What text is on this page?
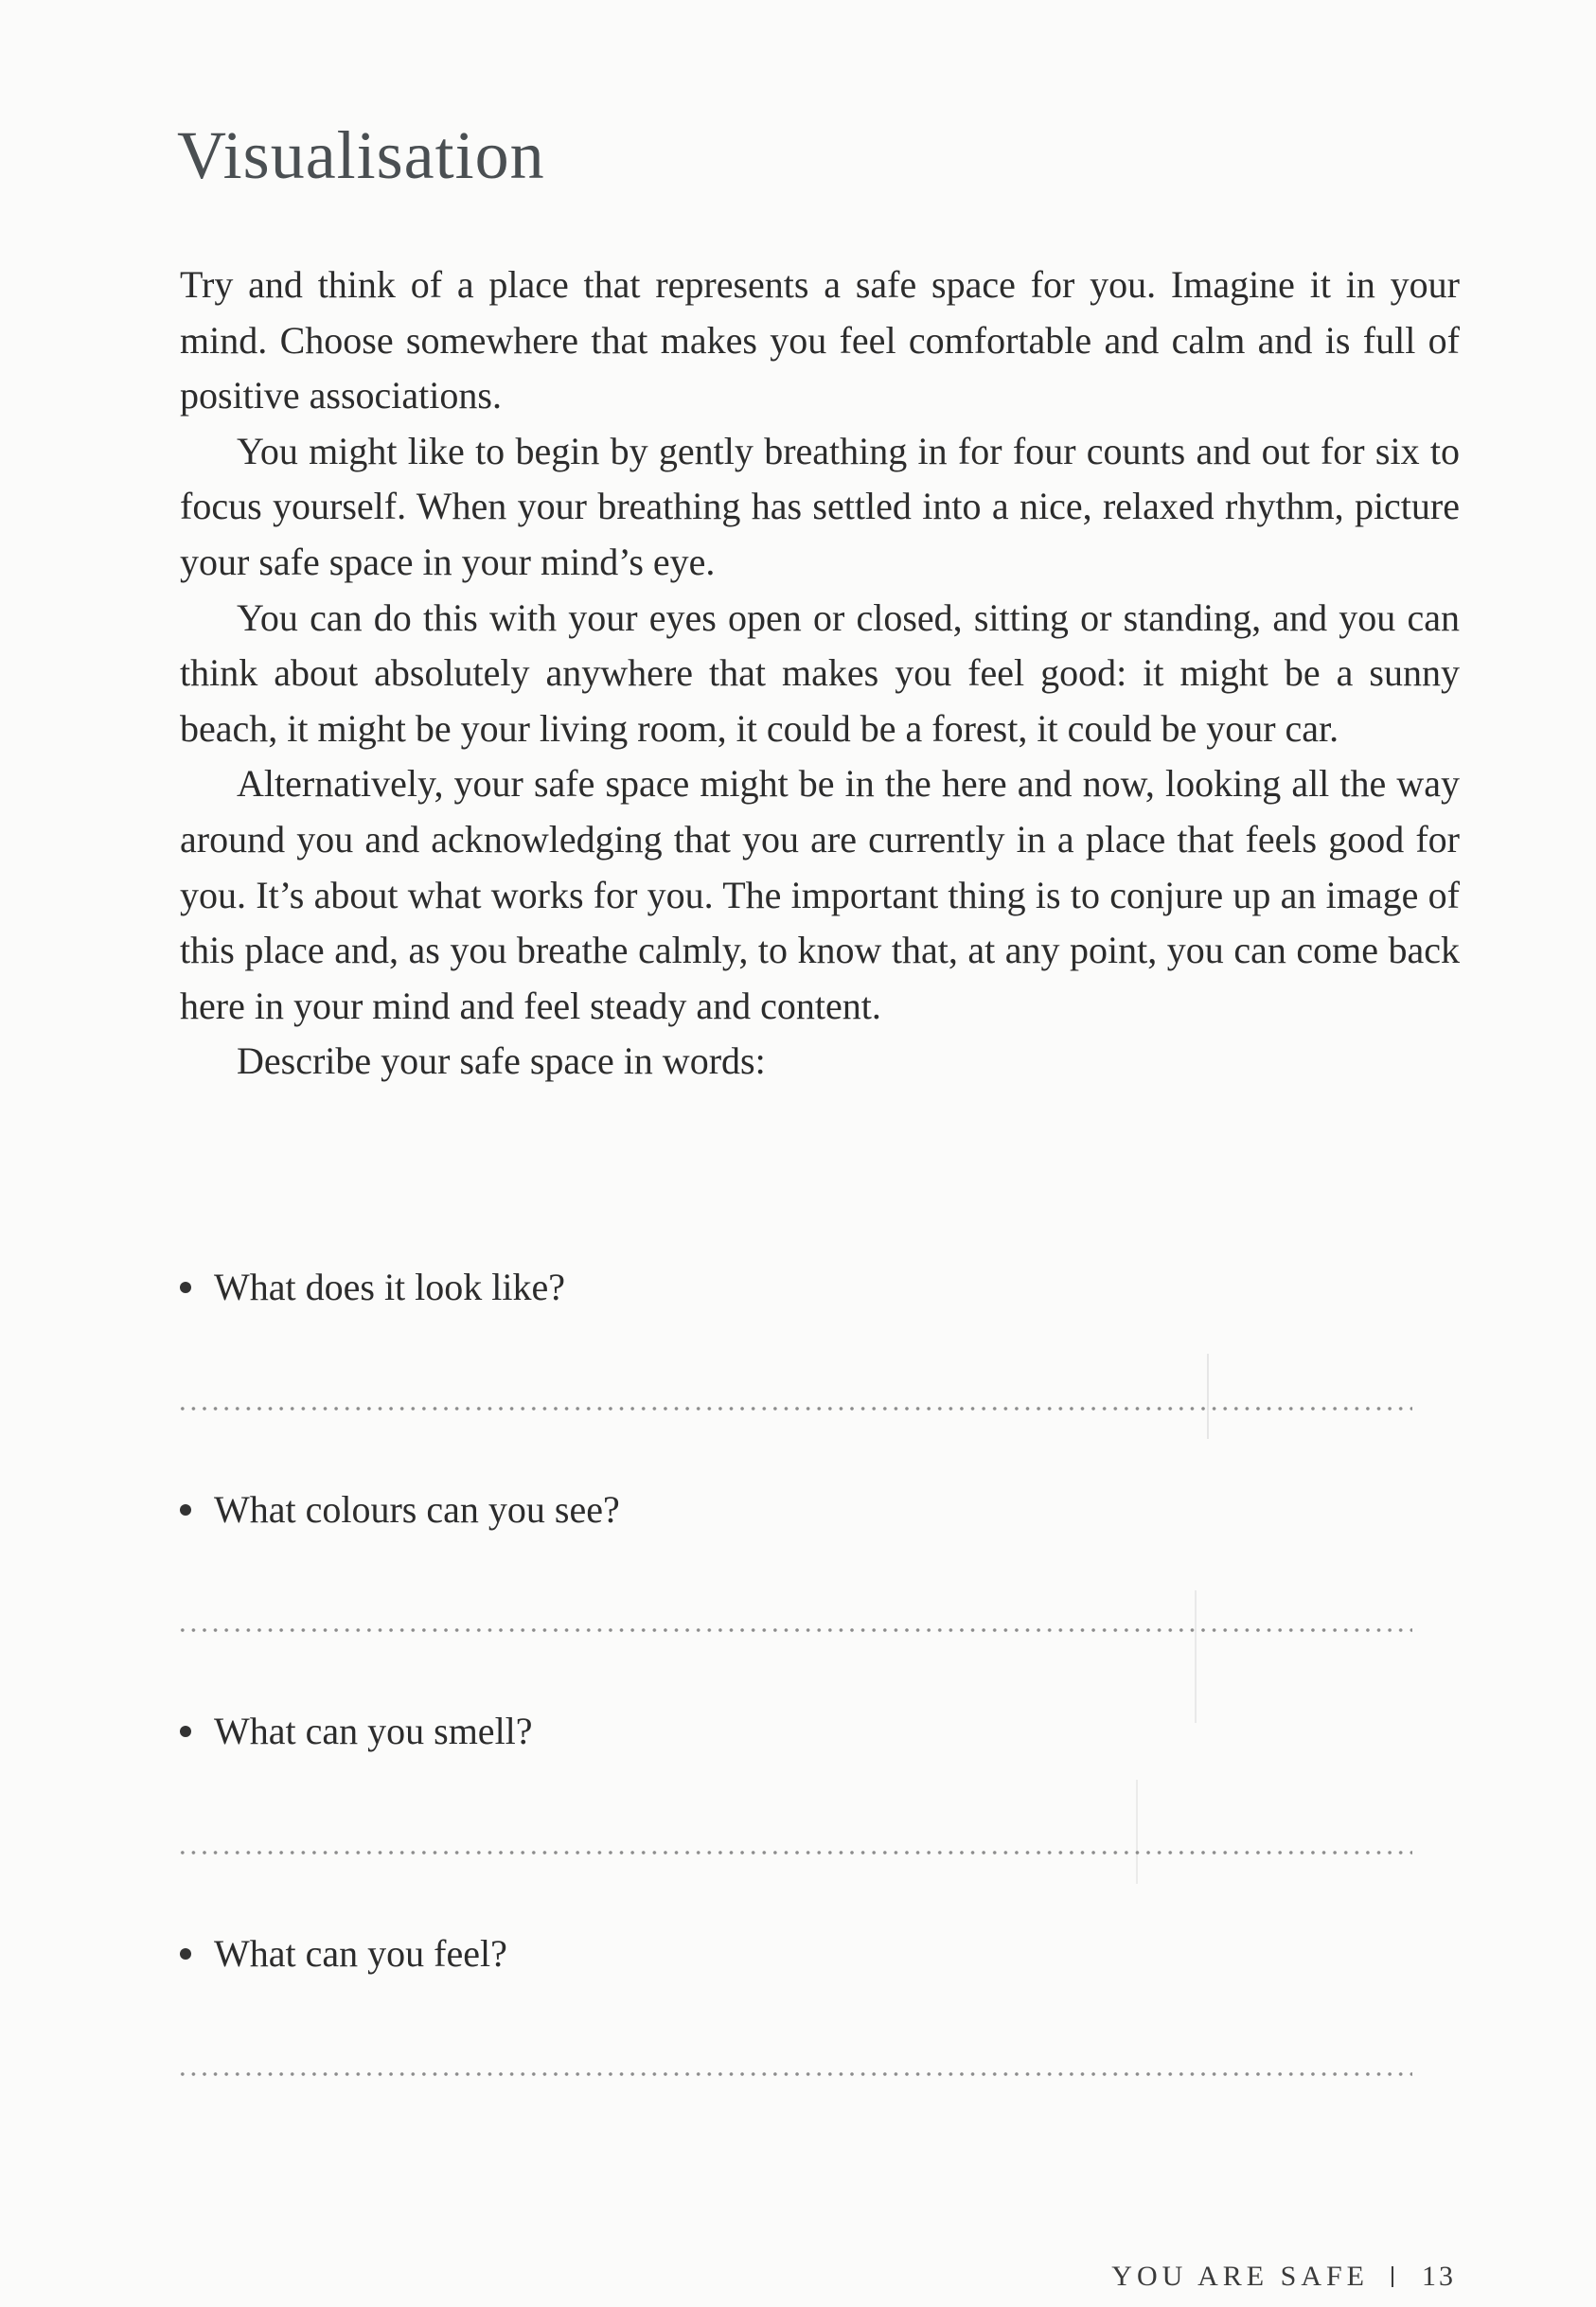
Visualisation

Try and think of a place that represents a safe space for you. Imagine it in your mind. Choose somewhere that makes you feel comfortable and calm and is full of positive associations.

You might like to begin by gently breathing in for four counts and out for six to focus yourself. When your breathing has settled into a nice, relaxed rhythm, picture your safe space in your mind’s eye.

You can do this with your eyes open or closed, sitting or standing, and you can think about absolutely anywhere that makes you feel good: it might be a sunny beach, it might be your living room, it could be a forest, it could be your car.

Alternatively, your safe space might be in the here and now, looking all the way around you and acknowledging that you are currently in a place that feels good for you. It’s about what works for you. The important thing is to conjure up an image of this place and, as you breathe calmly, to know that, at any point, you can come back here in your mind and feel steady and content.

Describe your safe space in words:

What does it look like?
What colours can you see?
What can you smell?
What can you feel?
YOU ARE SAFE 13
